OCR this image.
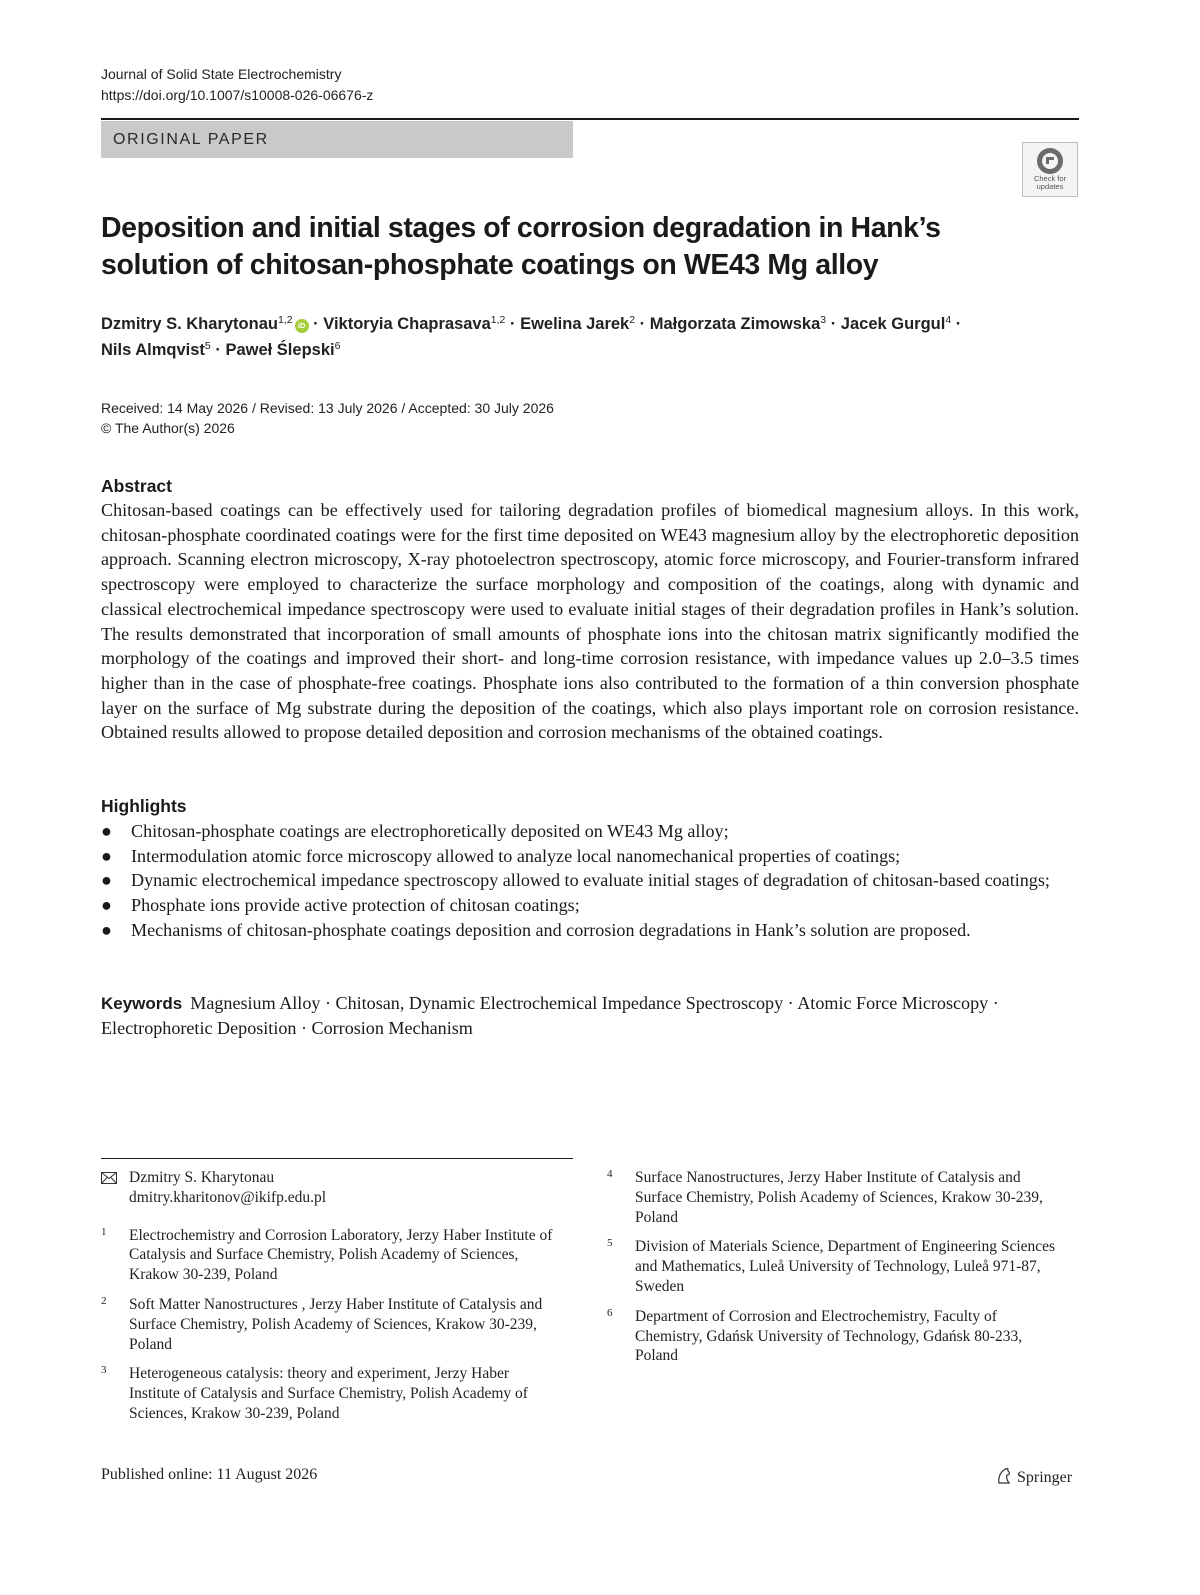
Journal of Solid State Electrochemistry
https://doi.org/10.1007/s10008-026-06676-z
ORIGINAL PAPER
Check for
updates
Deposition and initial stages of corrosion degradation in Hank’s
solution of chitosan-phosphate coatings on WE43 Mg alloy
Dzmitry S. Kharytonau$^{1,2}$ iD · Viktoryia Chaprasava$^{1,2}$ · Ewelina Jarek$^2$ · Małgorzata Zimowska$^3$ · Jacek Gurgul$^4$ ·
Nils Almqvist$^5$ · Paweł Ślepski$^6$
Received: 14 May 2026 / Revised: 13 July 2026 / Accepted: 30 July 2026
© The Author(s) 2026
Abstract

Chitosan-based coatings can be effectively used for tailoring degradation profiles of biomedical magnesium alloys. In this work, chitosan-phosphate coordinated coatings were for the first time deposited on WE43 magnesium alloy by the electrophoretic deposition approach. Scanning electron microscopy, X-ray photoelectron spectroscopy, atomic force microscopy, and Fourier-transform infrared spectroscopy were employed to characterize the surface morphology and composition of the coatings, along with dynamic and classical electrochemical impedance spectroscopy were used to evaluate initial stages of their degradation profiles in Hank’s solution. The results demonstrated that incorporation of small amounts of phosphate ions into the chitosan matrix significantly modified the morphology of the coatings and improved their short- and long-time corrosion resistance, with impedance values up 2.0–3.5 times higher than in the case of phosphate-free coatings. Phosphate ions also contributed to the formation of a thin conversion phosphate layer on the surface of Mg substrate during the deposition of the coatings, which also plays important role on corrosion resistance. Obtained results allowed to propose detailed deposition and corrosion mechanisms of the obtained coatings.

Highlights
● Chitosan-phosphate coatings are electrophoretically deposited on WE43 Mg alloy;
● Intermodulation atomic force microscopy allowed to analyze local nanomechanical properties of coatings;
● Dynamic electrochemical impedance spectroscopy allowed to evaluate initial stages of degradation of chitosan-based coatings;
● Phosphate ions provide active protection of chitosan coatings;
● Mechanisms of chitosan-phosphate coatings deposition and corrosion degradations in Hank’s solution are proposed.

Keywords Magnesium Alloy · Chitosan, Dynamic Electrochemical Impedance Spectroscopy · Atomic Force Microscopy · Electrophoretic Deposition · Corrosion Mechanism

Dzmitry S. Kharytonau
dmitry.kharitonov@ikifp.edu.pl
1 Electrochemistry and Corrosion Laboratory, Jerzy Haber Institute of Catalysis and Surface Chemistry, Polish Academy of Sciences, Krakow 30-239, Poland
2 Soft Matter Nanostructures , Jerzy Haber Institute of Catalysis and Surface Chemistry, Polish Academy of Sciences, Krakow 30-239, Poland
3 Heterogeneous catalysis: theory and experiment, Jerzy Haber Institute of Catalysis and Surface Chemistry, Polish Academy of Sciences, Krakow 30-239, Poland
4 Surface Nanostructures, Jerzy Haber Institute of Catalysis and Surface Chemistry, Polish Academy of Sciences, Krakow 30-239, Poland
5 Division of Materials Science, Department of Engineering Sciences and Mathematics, Luleå University of Technology, Luleå 971-87, Sweden
6 Department of Corrosion and Electrochemistry, Faculty of Chemistry, Gdańsk University of Technology, Gdańsk 80-233, Poland
Published online: 11 August 2026	Springer
